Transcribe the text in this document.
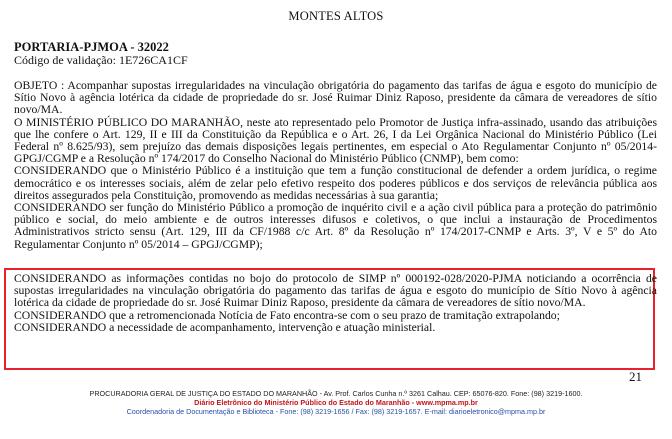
MONTES ALTOS
PORTARIA-PJMOA - 32022
Código de validação: 1E726CA1CF

OBJETO : Acompanhar supostas irregularidades na vinculação obrigatória do pagamento das tarifas de água e esgoto do município de Sítio Novo à agência lotérica da cidade de propriedade do sr. José Ruimar Diniz Raposo, presidente da câmara de vereadores de sítio novo/MA.

O MINISTÉRIO PÚBLICO DO MARANHÃO, neste ato representado pelo Promotor de Justiça infra-assinado, usando das atribuições que lhe confere o Art. 129, II e III da Constituição da República e o Art. 26, I da Lei Orgânica Nacional do Ministério Público (Lei Federal nº 8.625/93), sem prejuízo das demais disposições legais pertinentes, em especial o Ato Regulamentar Conjunto nº 05/2014-GPGJ/CGMP e a Resolução nº 174/2017 do Conselho Nacional do Ministério Público (CNMP), bem como:

CONSIDERANDO que o Ministério Público é a instituição que tem a função constitucional de defender a ordem jurídica, o regime democrático e os interesses sociais, além de zelar pelo efetivo respeito dos poderes públicos e dos serviços de relevância pública aos direitos assegurados pela Constituição, promovendo as medidas necessárias à sua garantia;

CONSIDERANDO ser função do Ministério Público a promoção de inquérito civil e a ação civil pública para a proteção do patrimônio público e social, do meio ambiente e de outros interesses difusos e coletivos, o que inclui a instauração de Procedimentos Administrativos stricto sensu (Art. 129, III da CF/1988 c/c Art. 8º da Resolução nº 174/2017-CNMP e Arts. 3º, V e 5º do Ato Regulamentar Conjunto nº 05/2014 – GPGJ/CGMP);

CONSIDERANDO as informações contidas no bojo do protocolo de SIMP nº 000192-028/2020-PJMA noticiando a ocorrência de supostas irregularidades na vinculação obrigatória do pagamento das tarifas de água e esgoto do município de Sítio Novo à agência lotérica da cidade de propriedade do sr. José Ruimar Diniz Raposo, presidente da câmara de vereadores de sítio novo/MA.

CONSIDERANDO que a retromencionada Notícia de Fato encontra-se com o seu prazo de tramitação extrapolando;

CONSIDERANDO a necessidade de acompanhamento, intervenção e atuação ministerial.

21
PROCURADORIA GERAL DE JUSTIÇA DO ESTADO DO MARANHÃO - Av. Prof. Carlos Cunha n.º 3261 Calhau. CEP: 65076-820. Fone: (98) 3219-1600.
Diário Eletrônico do Ministério Público do Estado do Maranhão - www.mpma.mp.br
Coordenadoria de Documentação e Biblioteca - Fone: (98) 3219-1656 / Fax: (98) 3219-1657. E-mail: diarioeletronico@mpma.mp.br
